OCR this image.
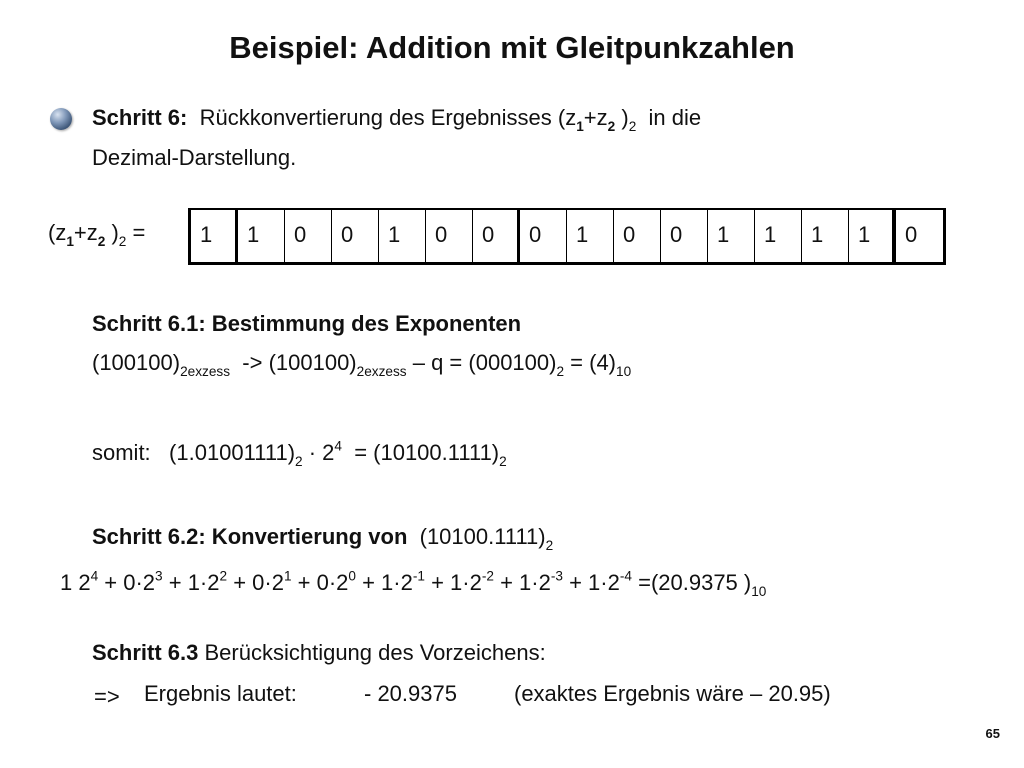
Beispiel: Addition mit Gleitpunkzahlen
Schritt 6: Rückkonvertierung des Ergebnisses ($z_1+z_2$ )$_2$  in die
Dezimal-Darstellung.
($z_1+z_2$ )$_2$ =	1	1	0	0	1	0	0	0	1	0	0	1	1	1	1	0
Schritt 6.1: Bestimmung des Exponenten
$(100100)_{2exzess} -> (100100)_{2exzess} - q = (000100)_2 = (4)_{10}$
somit: $(1.01001111)_2 \cdot 2^4 = (10100.1111)_2$
Schritt 6.2: Konvertierung von $(10100.1111)_2$
1 $2^4 + 0\cdot 2^3 + 1\cdot 2^2 + 0\cdot 2^1 + 0\cdot 2^0 + 1\cdot 2^{-1} + 1\cdot 2^{-2} + 1\cdot 2^{-3} + 1\cdot 2^{-4} =(20.9375$ )$_{10}$
Schritt 6.3 Berücksichtigung des Vorzeichens:
=> Ergebnis lautet:	- 20.9375	(exaktes Ergebnis wäre – 20.95)
65
